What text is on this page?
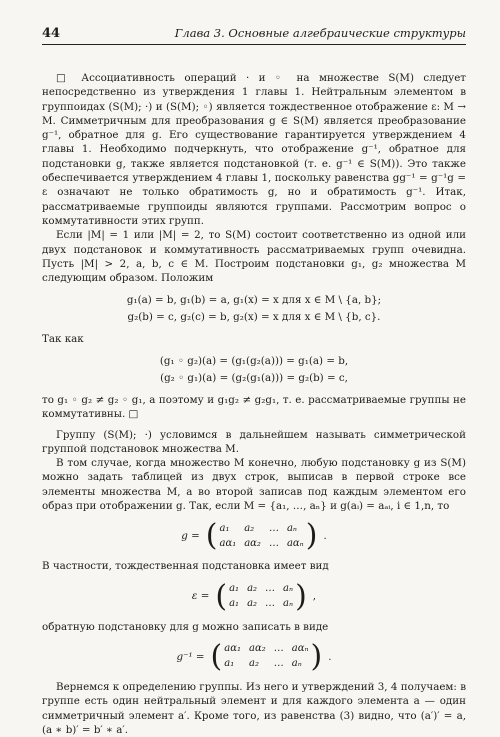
44	Глава 3. Основные алгебраические структуры

□ Ассоциативность операций · и ◦ на множестве S(M) следует непосредственно из утверждения 1 главы 1. Нейтральным элементом в группоидах (S(M); ·) и (S(M); ◦) является тождественное отображение ε: M → M. Симметричным для преобразования g ∈ S(M) является преобразование g⁻¹, обратное для g. Его существование гарантируется утверждением 4 главы 1. Необходимо подчеркнуть, что отображение g⁻¹, обратное для подстановки g, также является подстановкой (т. е. g⁻¹ ∈ S(M)). Это также обеспечивается утверждением 4 главы 1, поскольку равенства gg⁻¹ = g⁻¹g = ε означают не только обратимость g, но и обратимость g⁻¹. Итак, рассматриваемые группоиды являются группами. Рассмотрим вопрос о коммутативности этих групп.

Если |M| = 1 или |M| = 2, то S(M) состоит соответственно из одной или двух подстановок и коммутативность рассматриваемых групп очевидна. Пусть |M| > 2, a, b, c ∈ M. Построим подстановки g₁, g₂ множества M следующим образом. Положим

g₁(a) = b, g₁(b) = a, g₁(x) = x для x ∈ M \ {a, b};
g₂(b) = c, g₂(c) = b, g₂(x) = x для x ∈ M \ {b, c}.

Так как

(g₁ ◦ g₂)(a) = (g₁(g₂(a))) = g₁(a) = b,
(g₂ ◦ g₁)(a) = (g₂(g₁(a))) = g₂(b) = c,

то g₁ ◦ g₂ ≠ g₂ ◦ g₁, а поэтому и g₁g₂ ≠ g₂g₁, т. е. рассматриваемые группы не коммутативны. □

Группу (S(M); ·) условимся в дальнейшем называть симметрической группой подстановок множества M.

В том случае, когда множество M конечно, любую подстановку g из S(M) можно задать таблицей из двух строк, выписав в первой строке все элементы множества M, а во второй записав под каждым элементом его образ при отображении g. Так, если M = {a₁, …, aₙ} и g(aᵢ) = aₐᵢ, i ∈ 1,n, то

g = ( a₁	a₂	… aₙ
aα₁ aα₂ … aαₙ ) .

В частности, тождественная подстановка имеет вид

ε = ( a₁ a₂ … aₙ
a₁ a₂ … aₙ ) ,

обратную подстановку для g можно записать в виде

g⁻¹ = ( aα₁ aα₂ … aαₙ
a₁	a₂	… aₙ ) .

Вернемся к определению группы. Из него и утверждений 3, 4 получаем: в группе есть один нейтральный элемент и для каждого элемента a — один симметричный элемент a′. Кроме того, из равенства (3) видно, что (a′)′ = a, (a ∗ b)′ = b′ ∗ a′.
